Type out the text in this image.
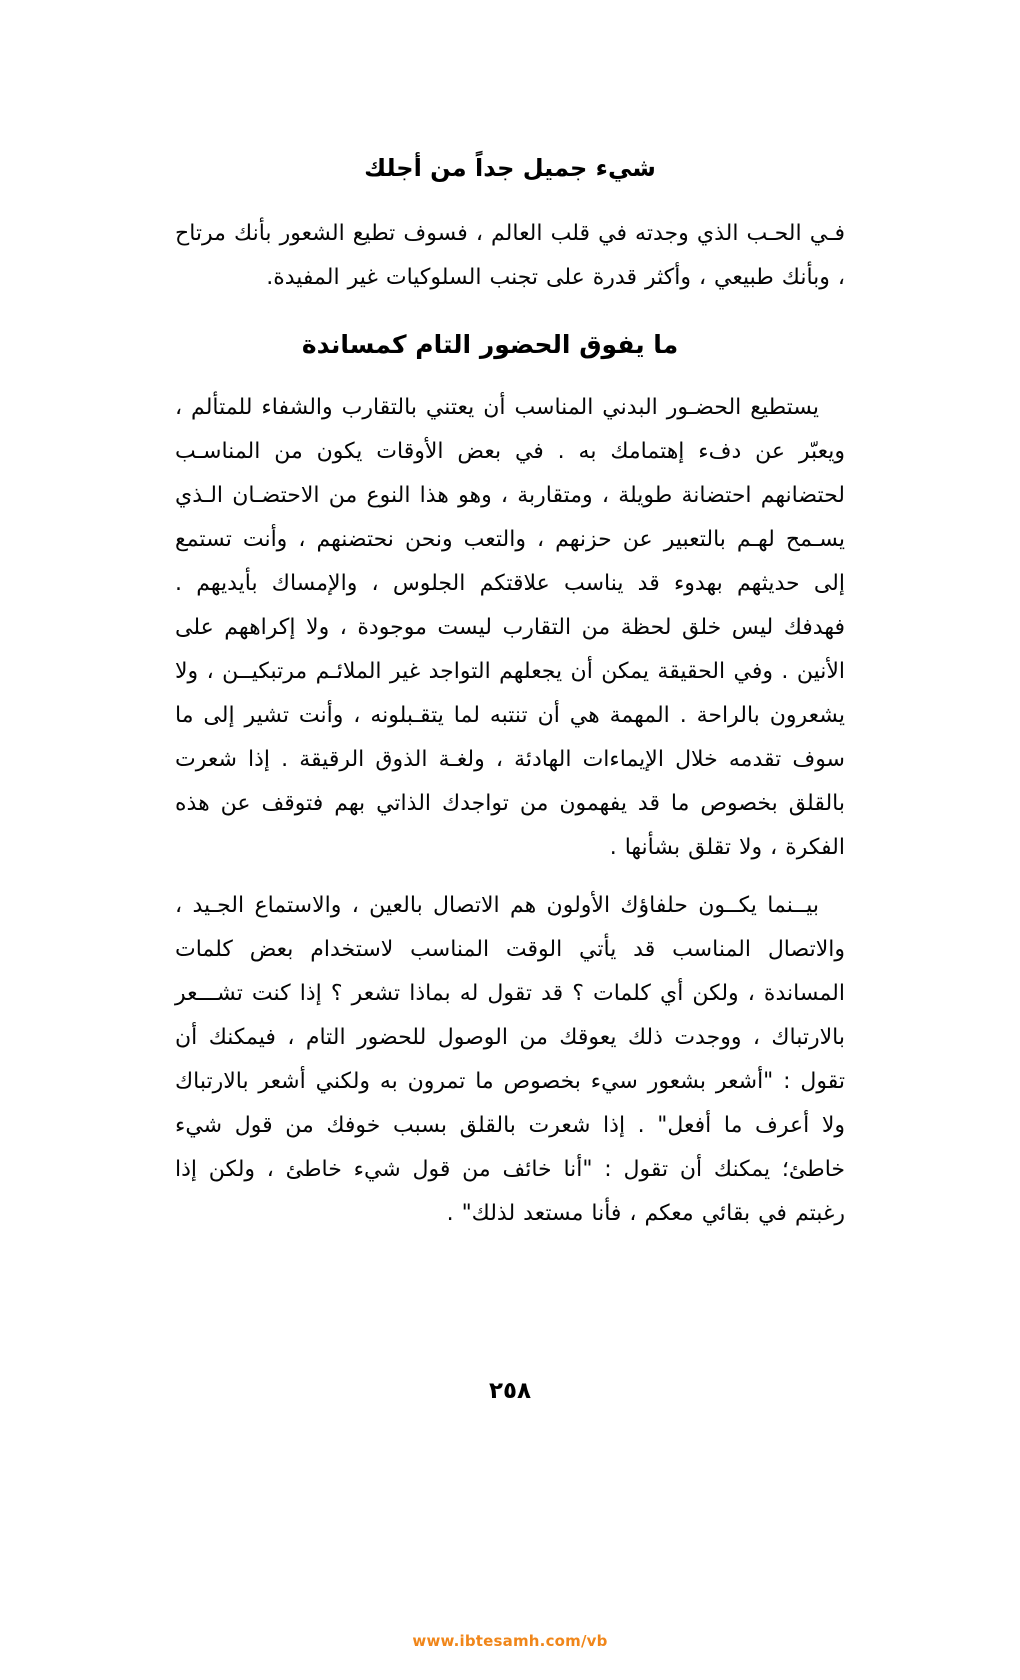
شيء جميل جداً من أجلك

فـي الحـب الذي وجدته في قلب العالم ، فسوف تطيع الشعور بأنك مرتاح ، وبأنك طبيعي ، وأكثر قدرة على تجنب السلوكيات غير المفيدة.

ما يفوق الحضور التام كمساندة

يستطيع الحضـور البدني المناسب أن يعتني بالتقارب والشفاء للمتألم ، ويعبّر عن دفء إهتمامك به . في بعض الأوقات يكون من المناسـب لحتضانهم احتضانة طويلة ، ومتقاربة ، وهو هذا النوع من الاحتضـان الـذي يسـمح لهـم بالتعبير عن حزنهم ، والتعب ونحن نحتضنهم ، وأنت تستمع إلى حديثهم بهدوء قد يناسب علاقتكم الجلوس ، والإمساك بأيديهم . فهدفك ليس خلق لحظة من التقارب ليست موجودة ، ولا إكراههم على الأنين . وفي الحقيقة يمكن أن يجعلهم التواجد غير الملائـم مرتبكيــن ، ولا يشعرون بالراحة . المهمة هي أن تنتبه لما يتقـبلونه ، وأنت تشير إلى ما سوف تقدمه خلال الإيماءات الهادئة ، ولغـة الذوق الرقيقة . إذا شعرت بالقلق بخصوص ما قد يفهمون من تواجدك الذاتي بهم فتوقف عن هذه الفكرة ، ولا تقلق بشأنها .

بيــنما يكــون حلفاؤك الأولون هم الاتصال بالعين ، والاستماع الجـيد ، والاتصال المناسب قد يأتي الوقت المناسب لاستخدام بعض كلمات المساندة ، ولكن أي كلمات ؟ قد تقول له بماذا تشعر ؟ إذا كنت تشـــعر بالارتباك ، ووجدت ذلك يعوقك من الوصول للحضور التام ، فيمكنك أن تقول : "أشعر بشعور سيء بخصوص ما تمرون به ولكني أشعر بالارتباك ولا أعرف ما أفعل" . إذا شعرت بالقلق بسبب خوفك من قول شيء خاطئ؛ يمكنك أن تقول : "أنا خائف من قول شيء خاطئ ، ولكن إذا رغبتم في بقائي معكم ، فأنا مستعد لذلك" .

٢٥٨
www.ibtesamh.com/vb
